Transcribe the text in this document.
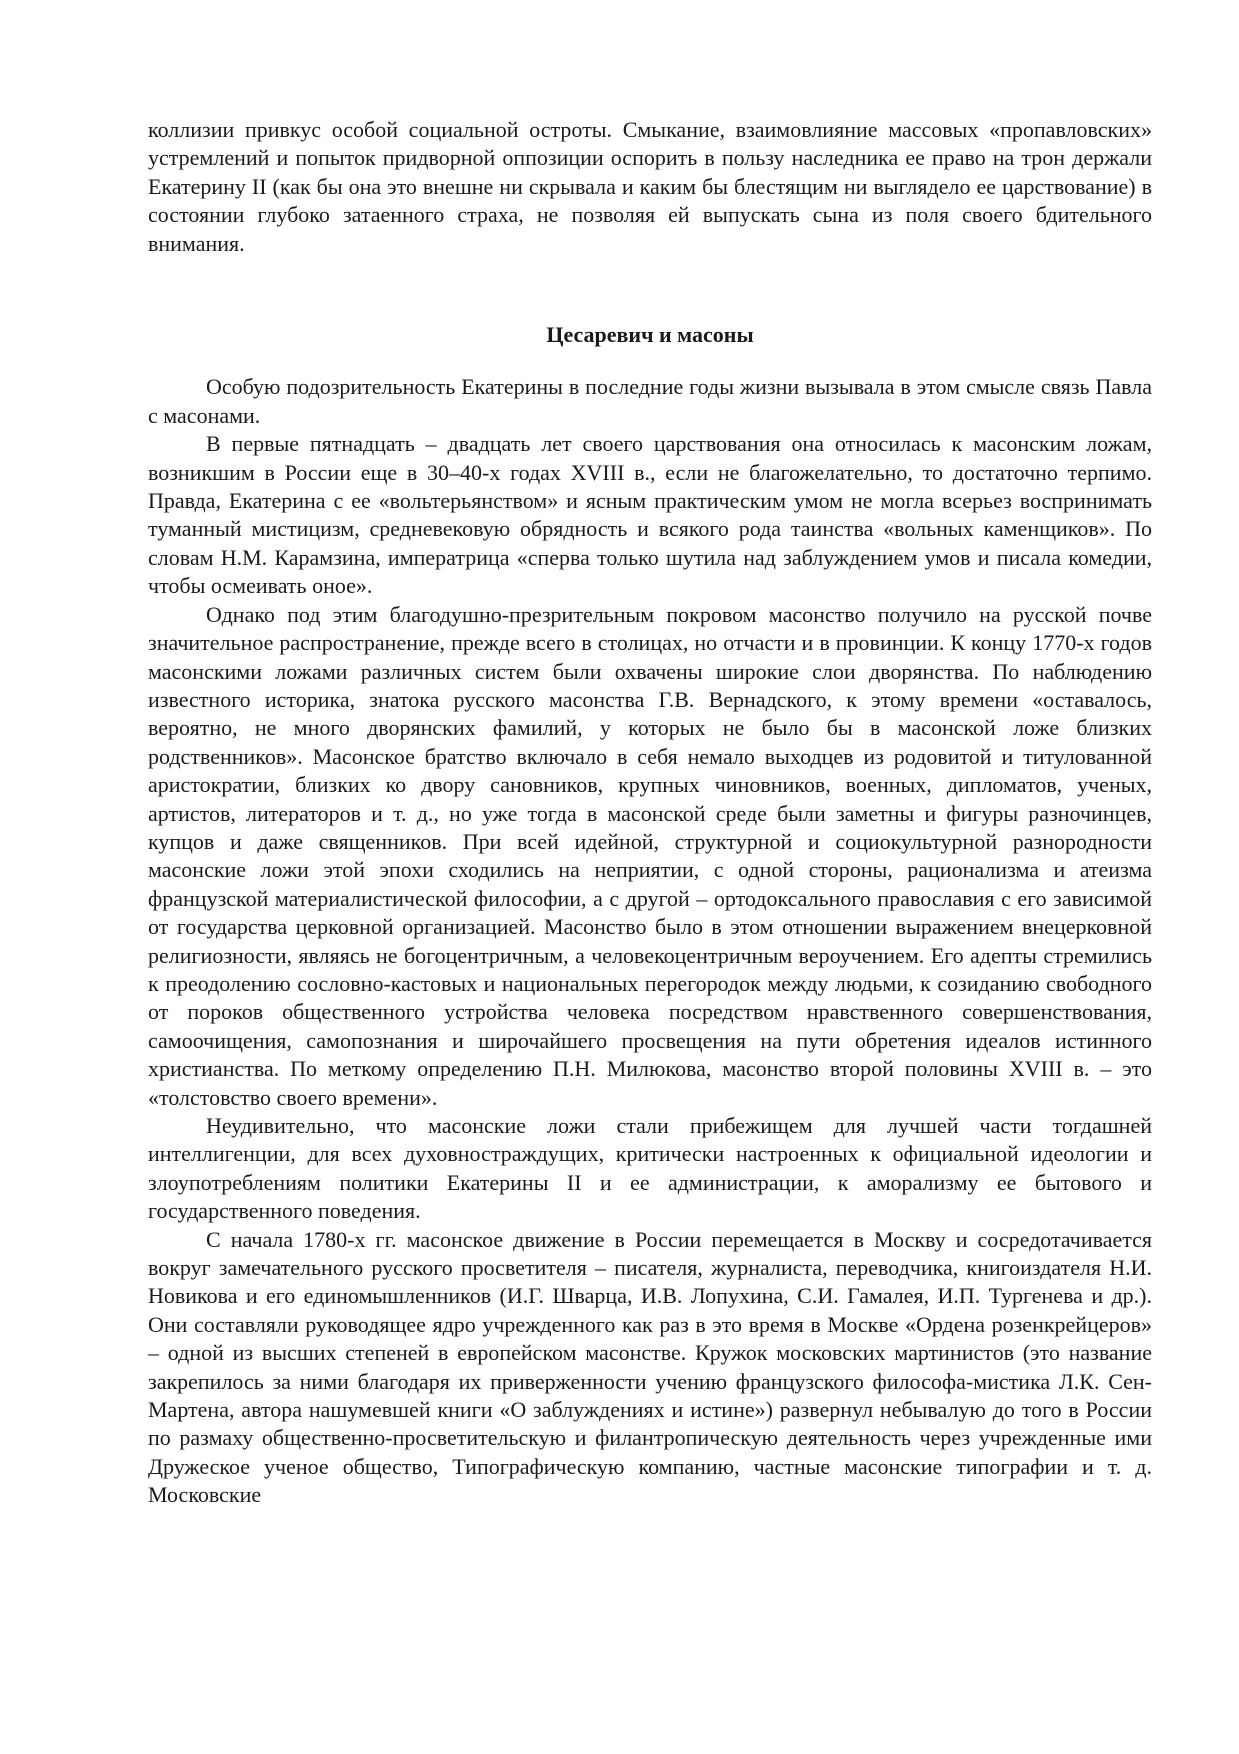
коллизии привкус особой социальной остроты. Смыкание, взаимовлияние массовых «пропавловских» устремлений и попыток придворной оппозиции оспорить в пользу наследника ее право на трон держали Екатерину II (как бы она это внешне ни скрывала и каким бы блестящим ни выглядело ее царствование) в состоянии глубоко затаенного страха, не позволяя ей выпускать сына из поля своего бдительного внимания.

Цесаревич и масоны

Особую подозрительность Екатерины в последние годы жизни вызывала в этом смысле связь Павла с масонами.

В первые пятнадцать – двадцать лет своего царствования она относилась к масонским ложам, возникшим в России еще в 30–40-х годах XVIII в., если не благожелательно, то достаточно терпимо. Правда, Екатерина с ее «вольтерьянством» и ясным практическим умом не могла всерьез воспринимать туманный мистицизм, средневековую обрядность и всякого рода таинства «вольных каменщиков». По словам Н.М. Карамзина, императрица «сперва только шутила над заблуждением умов и писала комедии, чтобы осмеивать оное».

Однако под этим благодушно-презрительным покровом масонство получило на русской почве значительное распространение, прежде всего в столицах, но отчасти и в провинции. К концу 1770-х годов масонскими ложами различных систем были охвачены широкие слои дворянства. По наблюдению известного историка, знатока русского масонства Г.В. Вернадского, к этому времени «оставалось, вероятно, не много дворянских фамилий, у которых не было бы в масонской ложе близких родственников». Масонское братство включало в себя немало выходцев из родовитой и титулованной аристократии, близких ко двору сановников, крупных чиновников, военных, дипломатов, ученых, артистов, литераторов и т. д., но уже тогда в масонской среде были заметны и фигуры разночинцев, купцов и даже священников. При всей идейной, структурной и социокультурной разнородности масонские ложи этой эпохи сходились на неприятии, с одной стороны, рационализма и атеизма французской материалистической философии, а с другой – ортодоксального православия с его зависимой от государства церковной организацией. Масонство было в этом отношении выражением внецерковной религиозности, являясь не богоцентричным, а человекоцентричным вероучением. Его адепты стремились к преодолению сословно-кастовых и национальных перегородок между людьми, к созиданию свободного от пороков общественного устройства человека посредством нравственного совершенствования, самоочищения, самопознания и широчайшего просвещения на пути обретения идеалов истинного христианства. По меткому определению П.Н. Милюкова, масонство второй половины XVIII в. – это «толстовство своего времени».

Неудивительно, что масонские ложи стали прибежищем для лучшей части тогдашней интеллигенции, для всех духовностраждущих, критически настроенных к официальной идеологии и злоупотреблениям политики Екатерины II и ее администрации, к аморализму ее бытового и государственного поведения.

С начала 1780-х гг. масонское движение в России перемещается в Москву и сосредотачивается вокруг замечательного русского просветителя – писателя, журналиста, переводчика, книгоиздателя Н.И. Новикова и его единомышленников (И.Г. Шварца, И.В. Лопухина, С.И. Гамалея, И.П. Тургенева и др.). Они составляли руководящее ядро учрежденного как раз в это время в Москве «Ордена розенкрейцеров» – одной из высших степеней в европейском масонстве. Кружок московских мартинистов (это название закрепилось за ними благодаря их приверженности учению французского философа-мистика Л.К. Сен-Мартена, автора нашумевшей книги «О заблуждениях и истине») развернул небывалую до того в России по размаху общественно-просветительскую и филантропическую деятельность через учрежденные ими Дружеское ученое общество, Типографическую компанию, частные масонские типографии и т. д. Московские
